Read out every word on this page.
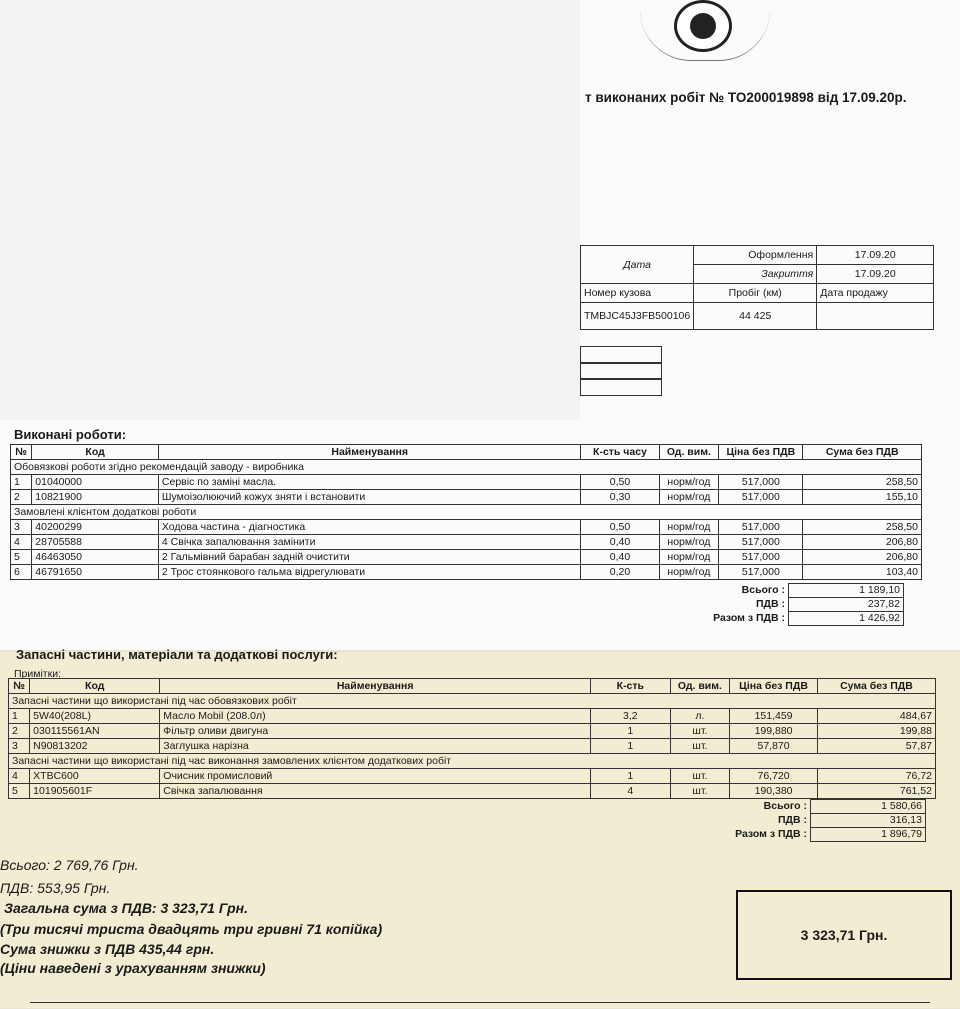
т виконаних робіт № ТО200019898 від 17.09.20р.
Дата	Оформлення	17.09.20
	Закриття	17.09.20
Номер кузова	Пробіг (км)	Дата продажу
TMBJC45J3FB500106	44 425	
Виконані роботи:
№	Код	Найменування	К-сть часу	Од. вим.	Ціна без ПДВ	Сума без ПДВ
Обовязкові роботи згідно рекомендацій заводу - виробника						
1	01040000	Сервіс по заміні масла.	0,50	норм/год	517,000	258,50
2	10821900	Шумоізолюючий кожух зняти і встановити	0,30	норм/год	517,000	155,10
Замовлені клієнтом додаткові роботи						
3	40200299	Ходова частина - діагностика	0,50	норм/год	517,000	258,50
4	28705588	4 Свічка запалювання замінити	0,40	норм/год	517,000	206,80
5	46463050	2 Гальмівний барабан задній очистити	0,40	норм/год	517,000	206,80
6	46791650	2 Трос стоянкового гальма відрегулювати	0,20	норм/год	517,000	103,40
Всього :	1 189,10
ПДВ :	237,82
Разом з ПДВ :	1 426,92
Запасні частини, матеріали та додаткові послуги:
Примітки:
№	Код	Найменування	К-сть	Од. вим.	Ціна без ПДВ	Сума без ПДВ
Запасні частини що використані під час обовязкових робіт						
1	5W40(208L)	Масло Mobil (208.0л)	3,2	л.	151,459	484,67
2	030115561AN	Фільтр оливи двигуна	1	шт.	199,880	199,88
3	N90813202	Заглушка нарізна	1	шт.	57,870	57,87
Запасні частини що використані під час виконання замовлених клієнтом додаткових робіт						
4	XTBC600	Очисник промисловий	1	шт.	76,720	76,72
5	101905601F	Свічка запалювання	4	шт.	190,380	761,52
Всього :	1 580,66
ПДВ :	316,13
Разом з ПДВ :	1 896,79
Всього: 2 769,76 Грн.
ПДВ: 553,95 Грн.
Загальна сума з ПДВ: 3 323,71 Грн.
(Три тисячі триста двадцять три гривні 71 копійка)
Сума знижки з ПДВ 435,44 грн.
(Ціни наведені з урахуванням знижки)
3 323,71 Грн.
